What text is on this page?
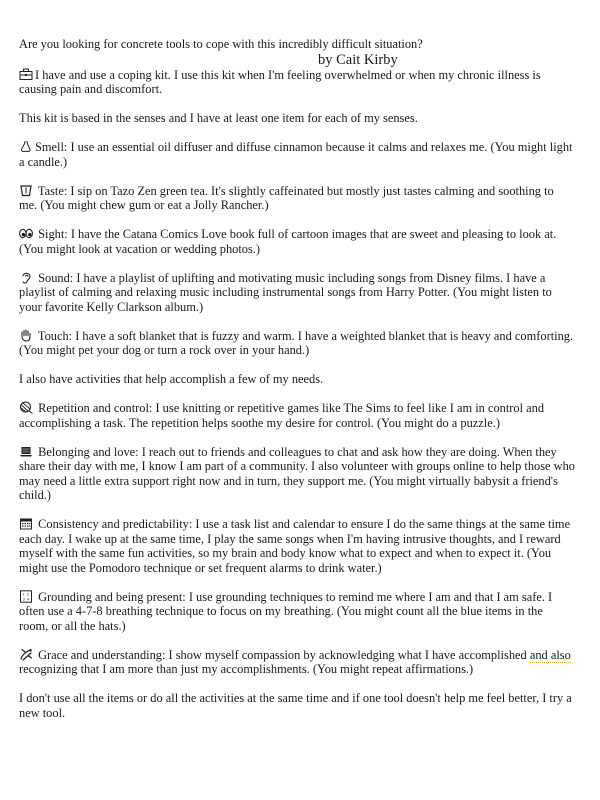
Are you looking for concrete tools to cope with this incredibly difficult situation?
by Cait Kirby

I have and use a coping kit. I use this kit when I'm feeling overwhelmed or when my chronic illness is causing pain and discomfort.

This kit is based in the senses and I have at least one item for each of my senses.

Smell: I use an essential oil diffuser and diffuse cinnamon because it calms and relaxes me. (You might light a candle.)

Taste: I sip on Tazo Zen green tea. It's slightly caffeinated but mostly just tastes calming and soothing to me. (You might chew gum or eat a Jolly Rancher.)

Sight: I have the Catana Comics Love book full of cartoon images that are sweet and pleasing to look at. (You might look at vacation or wedding photos.)

Sound: I have a playlist of uplifting and motivating music including songs from Disney films. I have a playlist of calming and relaxing music including instrumental songs from Harry Potter. (You might listen to your favorite Kelly Clarkson album.)

Touch: I have a soft blanket that is fuzzy and warm. I have a weighted blanket that is heavy and comforting. (You might pet your dog or turn a rock over in your hand.)

I also have activities that help accomplish a few of my needs.

Repetition and control: I use knitting or repetitive games like The Sims to feel like I am in control and accomplishing a task. The repetition helps soothe my desire for control. (You might do a puzzle.)

Belonging and love: I reach out to friends and colleagues to chat and ask how they are doing. When they share their day with me, I know I am part of a community. I also volunteer with groups online to help those who may need a little extra support right now and in turn, they support me. (You might virtually babysit a friend's child.)

Consistency and predictability: I use a task list and calendar to ensure I do the same things at the same time each day. I wake up at the same time, I play the same songs when I'm having intrusive thoughts, and I reward myself with the same fun activities, so my brain and body know what to expect and when to expect it. (You might use the Pomodoro technique or set frequent alarms to drink water.)

1 2
3 4 Grounding and being present: I use grounding techniques to remind me where I am and that I am safe. I often use a 4-7-8 breathing technique to focus on my breathing. (You might count all the blue items in the room, or all the hats.)

Grace and understanding: I show myself compassion by acknowledging what I have accomplished and also recognizing that I am more than just my accomplishments. (You might repeat affirmations.)

I don't use all the items or do all the activities at the same time and if one tool doesn't help me feel better, I try a new tool.
